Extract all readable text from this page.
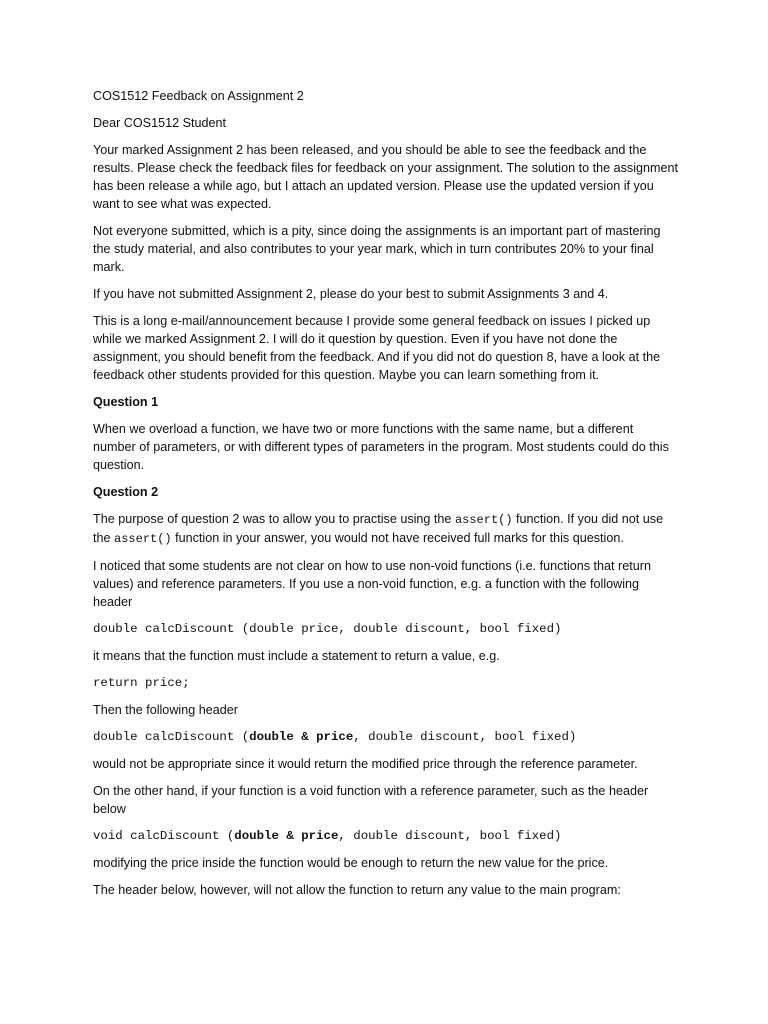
COS1512 Feedback on Assignment 2

Dear COS1512 Student

Your marked Assignment 2 has been released, and you should be able to see the feedback and the results. Please check the feedback files for feedback on your assignment. The solution to the assignment has been release a while ago, but I attach an updated version. Please use the updated version if you want to see what was expected.

Not everyone submitted, which is a pity, since doing the assignments is an important part of mastering the study material, and also contributes to your year mark, which in turn contributes 20% to your final mark.

If you have not submitted Assignment 2, please do your best to submit Assignments 3 and 4.

This is a long e-mail/announcement because I provide some general feedback on issues I picked up while we marked Assignment 2. I will do it question by question. Even if you have not done the assignment, you should benefit from the feedback. And if you did not do question 8, have a look at the feedback other students provided for this question. Maybe you can learn something from it.

Question 1

When we overload a function, we have two or more functions with the same name, but a different number of parameters, or with different types of parameters in the program. Most students could do this question.

Question 2

The purpose of question 2 was to allow you to practise using the assert() function. If you did not use the assert() function in your answer, you would not have received full marks for this question.

I noticed that some students are not clear on how to use non-void functions (i.e. functions that return values) and reference parameters. If you use a non-void function, e.g. a function with the following header

double calcDiscount (double price, double discount, bool fixed)

it means that the function must include a statement to return a value, e.g.

return price;

Then the following header

double calcDiscount (double & price, double discount, bool fixed)

would not be appropriate since it would return the modified price through the reference parameter.

On the other hand, if your function is a void function with a reference parameter, such as the header below

void calcDiscount (double & price, double discount, bool fixed)

modifying the price inside the function would be enough to return the new value for the price.

The header below, however, will not allow the function to return any value to the main program:
